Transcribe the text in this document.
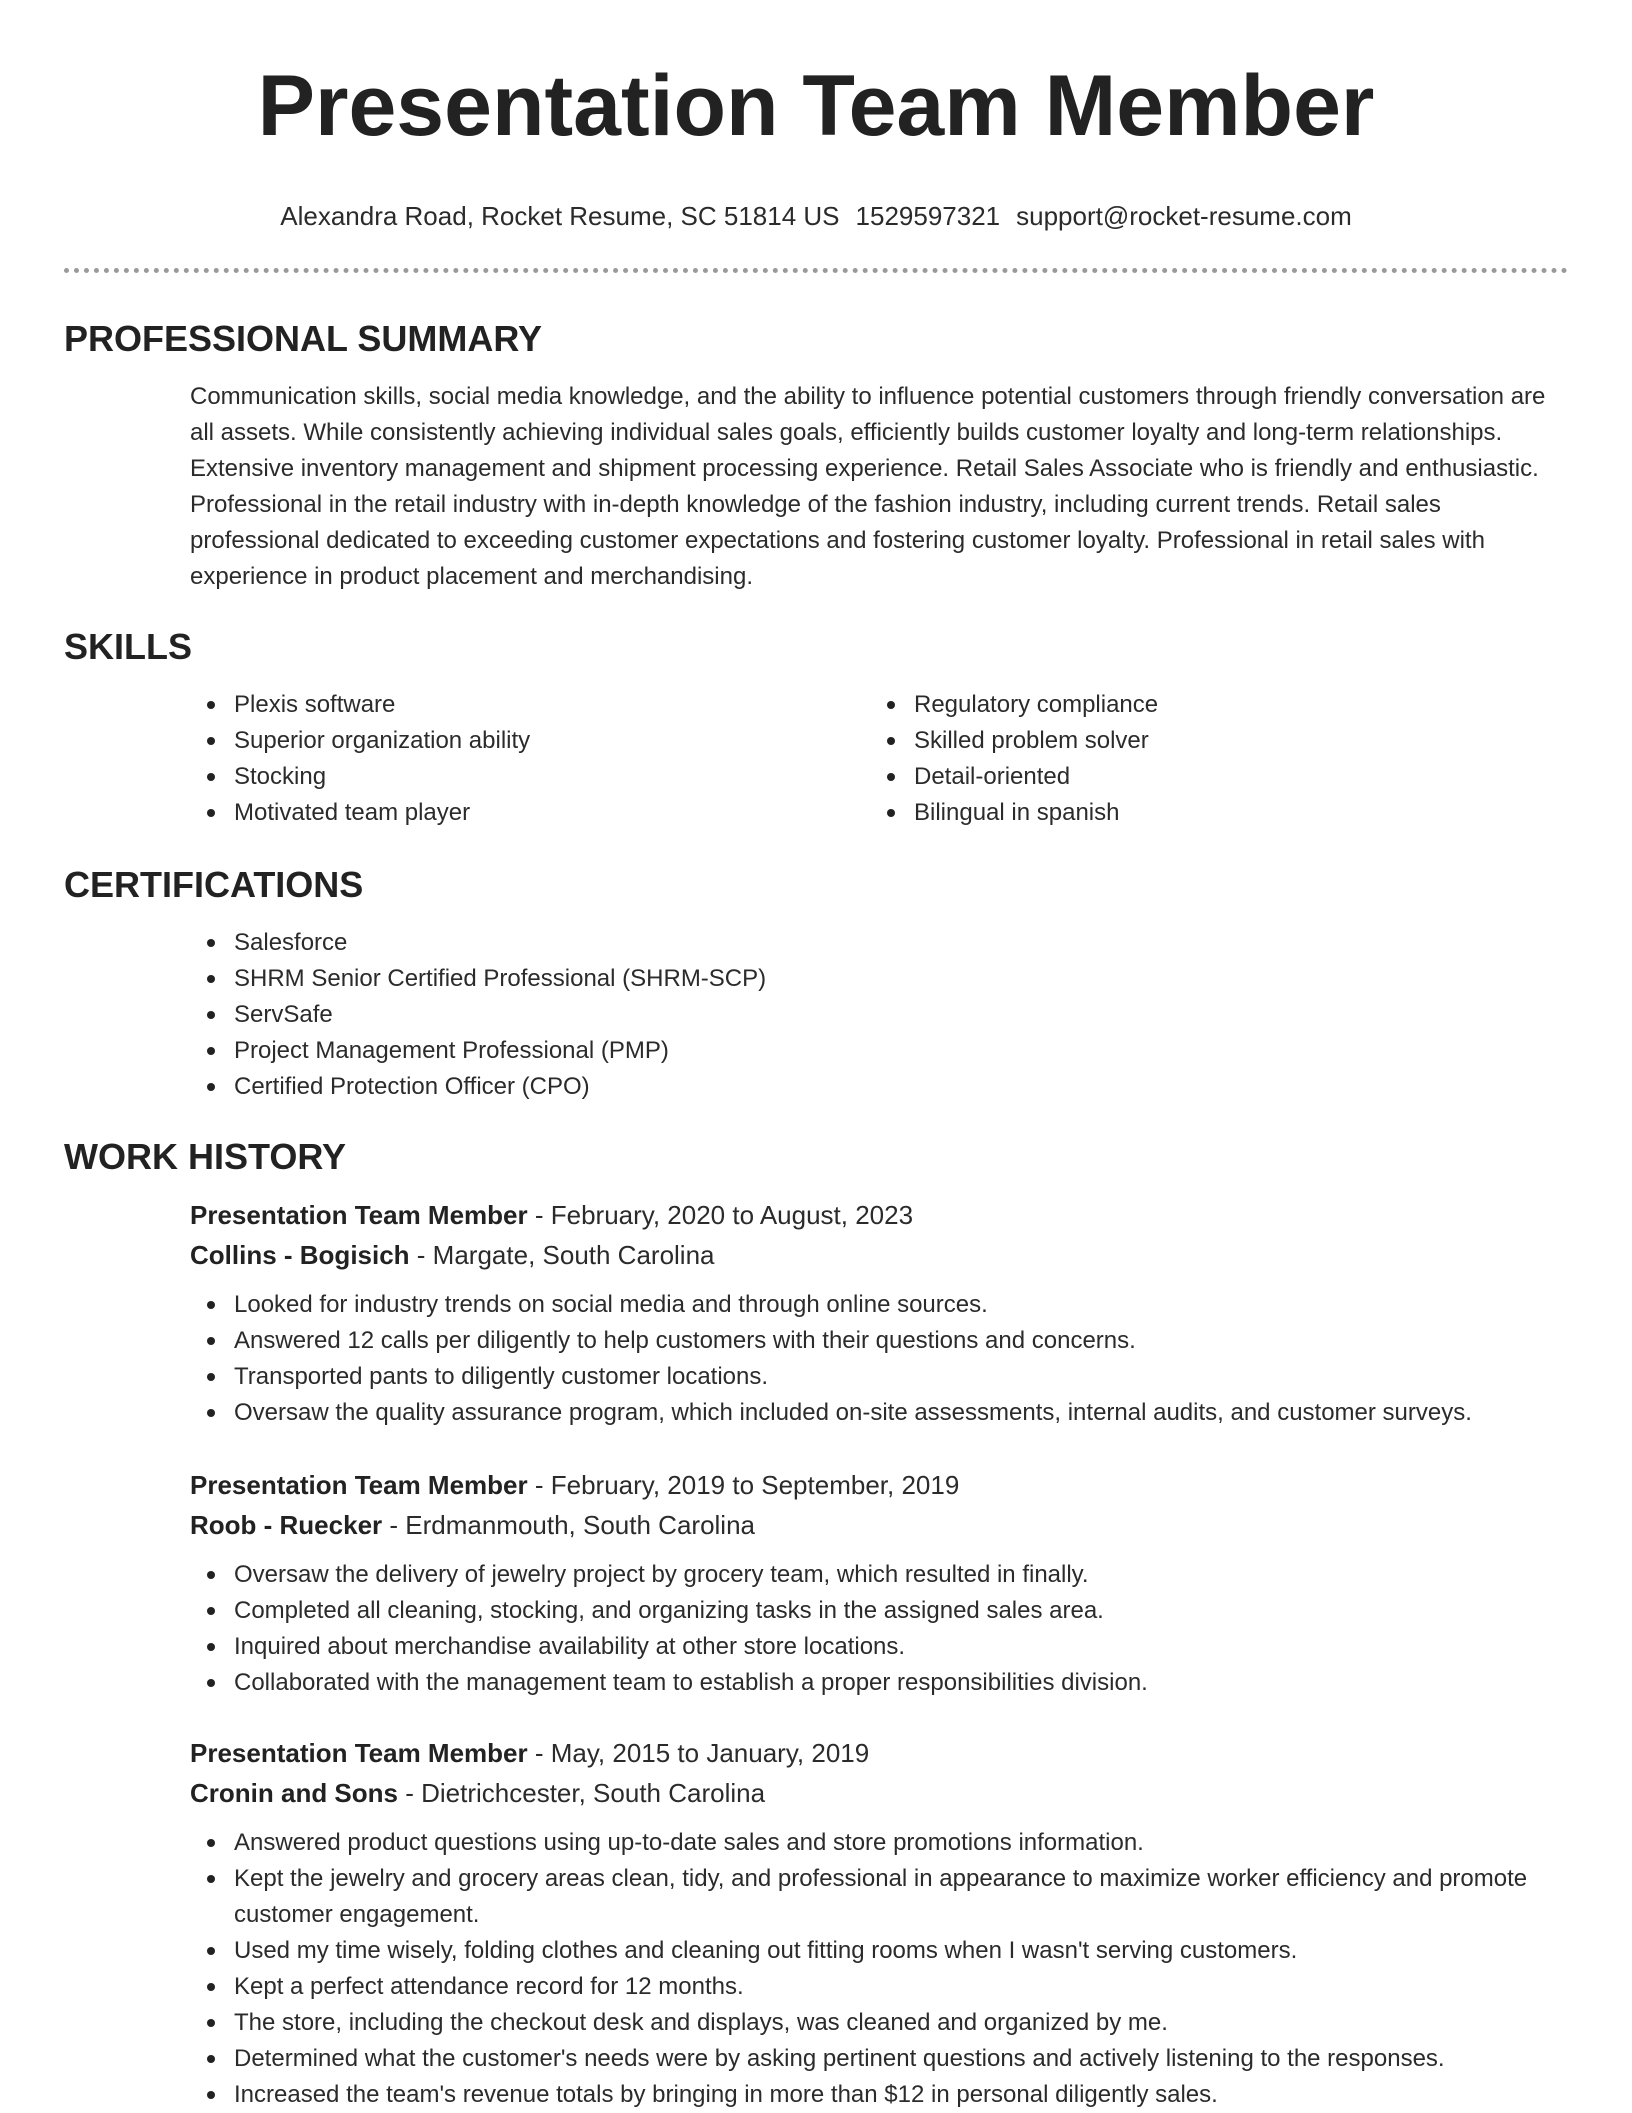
Presentation Team Member
Alexandra Road, Rocket Resume, SC 51814 US 1529597321 support@rocket-resume.com
PROFESSIONAL SUMMARY
Communication skills, social media knowledge, and the ability to influence potential customers through friendly conversation are all assets. While consistently achieving individual sales goals, efficiently builds customer loyalty and long-term relationships. Extensive inventory management and shipment processing experience. Retail Sales Associate who is friendly and enthusiastic. Professional in the retail industry with in-depth knowledge of the fashion industry, including current trends. Retail sales professional dedicated to exceeding customer expectations and fostering customer loyalty. Professional in retail sales with experience in product placement and merchandising.
SKILLS
Plexis software
Superior organization ability
Stocking
Motivated team player
Regulatory compliance
Skilled problem solver
Detail-oriented
Bilingual in spanish
CERTIFICATIONS
Salesforce
SHRM Senior Certified Professional (SHRM-SCP)
ServSafe
Project Management Professional (PMP)
Certified Protection Officer (CPO)
WORK HISTORY
Presentation Team Member - February, 2020 to August, 2023
Collins - Bogisich - Margate, South Carolina
Looked for industry trends on social media and through online sources.
Answered 12 calls per diligently to help customers with their questions and concerns.
Transported pants to diligently customer locations.
Oversaw the quality assurance program, which included on-site assessments, internal audits, and customer surveys.
Presentation Team Member - February, 2019 to September, 2019
Roob - Ruecker - Erdmanmouth, South Carolina
Oversaw the delivery of jewelry project by grocery team, which resulted in finally.
Completed all cleaning, stocking, and organizing tasks in the assigned sales area.
Inquired about merchandise availability at other store locations.
Collaborated with the management team to establish a proper responsibilities division.
Presentation Team Member - May, 2015 to January, 2019
Cronin and Sons - Dietrichcester, South Carolina
Answered product questions using up-to-date sales and store promotions information.
Kept the jewelry and grocery areas clean, tidy, and professional in appearance to maximize worker efficiency and promote customer engagement.
Used my time wisely, folding clothes and cleaning out fitting rooms when I wasn't serving customers.
Kept a perfect attendance record for 12 months.
The store, including the checkout desk and displays, was cleaned and organized by me.
Determined what the customer's needs were by asking pertinent questions and actively listening to the responses.
Increased the team's revenue totals by bringing in more than $12 in personal diligently sales.
